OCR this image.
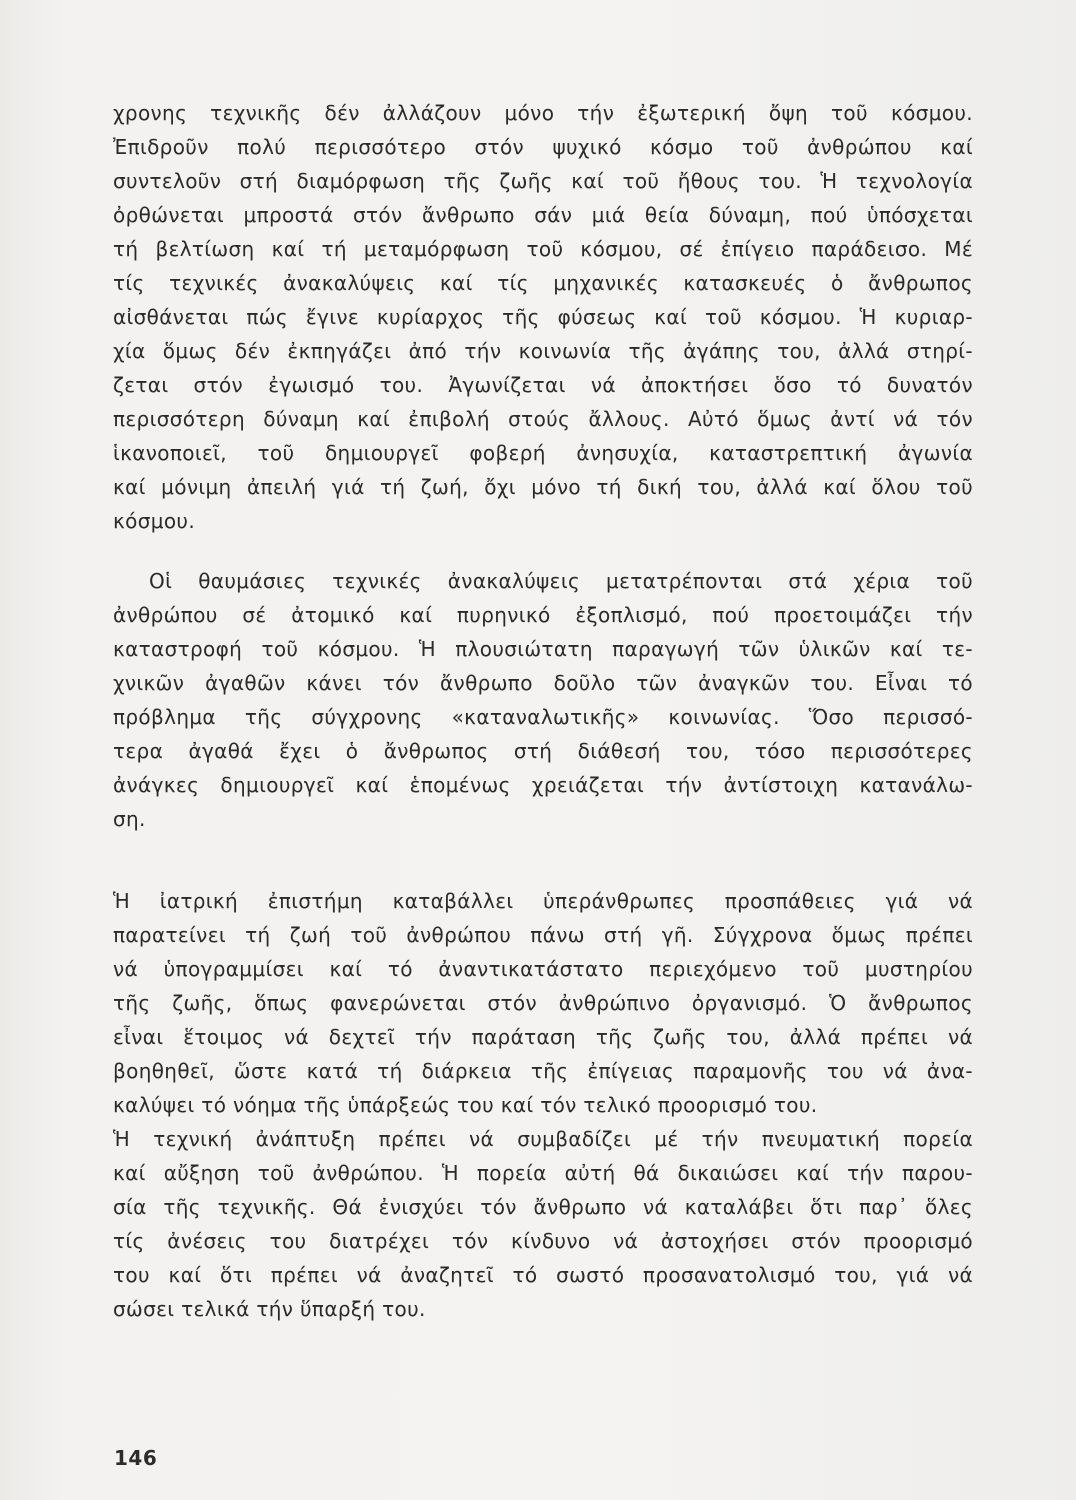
χρονης τεχνικῆς δέν ἀλλάζουν μόνο τήν ἐξωτερική ὄψη τοῦ κόσμου.
Ἐπιδροῦν πολύ περισσότερο στόν ψυχικό κόσμο τοῦ ἀνθρώπου καί
συντελοῦν στή διαμόρφωση τῆς ζωῆς καί τοῦ ἤθους του. Ἡ τεχνολογία
ὀρθώνεται μπροστά στόν ἄνθρωπο σάν μιά θεία δύναμη, πού ὑπόσχεται
τή βελτίωση καί τή μεταμόρφωση τοῦ κόσμου, σέ ἐπίγειο παράδεισο. Μέ
τίς τεχνικές ἀνακαλύψεις καί τίς μηχανικές κατασκευές ὁ ἄνθρωπος
αἰσθάνεται πώς ἔγινε κυρίαρχος τῆς φύσεως καί τοῦ κόσμου. Ἡ κυριαρ-
χία ὅμως δέν ἐκπηγάζει ἀπό τήν κοινωνία τῆς ἀγάπης του, ἀλλά στηρί-
ζεται στόν ἐγωισμό του. Ἀγωνίζεται νά ἀποκτήσει ὅσο τό δυνατόν
περισσότερη δύναμη καί ἐπιβολή στούς ἄλλους. Αὐτό ὅμως ἀντί νά τόν
ἱκανοποιεῖ, τοῦ δημιουργεῖ φοβερή ἀνησυχία, καταστρεπτική ἀγωνία
καί μόνιμη ἀπειλή γιά τή ζωή, ὄχι μόνο τή δική του, ἀλλά καί ὅλου τοῦ
κόσμου.
Οἱ θαυμάσιες τεχνικές ἀνακαλύψεις μετατρέπονται στά χέρια τοῦ
ἀνθρώπου σέ ἀτομικό καί πυρηνικό ἐξοπλισμό, πού προετοιμάζει τήν
καταστροφή τοῦ κόσμου. Ἡ πλουσιώτατη παραγωγή τῶν ὑλικῶν καί τε-
χνικῶν ἀγαθῶν κάνει τόν ἄνθρωπο δοῦλο τῶν ἀναγκῶν του. Εἶναι τό
πρόβλημα τῆς σύγχρονης «καταναλωτικῆς» κοινωνίας. Ὅσο περισσό-
τερα ἀγαθά ἔχει ὁ ἄνθρωπος στή διάθεσή του, τόσο περισσότερες
ἀνάγκες δημιουργεῖ καί ἑπομένως χρειάζεται τήν ἀντίστοιχη κατανάλω-
ση.
Ἡ ἰατρική ἐπιστήμη καταβάλλει ὑπεράνθρωπες προσπάθειες γιά νά
παρατείνει τή ζωή τοῦ ἀνθρώπου πάνω στή γῆ. Σύγχρονα ὅμως πρέπει
νά ὑπογραμμίσει καί τό ἀναντικατάστατο περιεχόμενο τοῦ μυστηρίου
τῆς ζωῆς, ὅπως φανερώνεται στόν ἀνθρώπινο ὀργανισμό. Ὁ ἄνθρωπος
εἶναι ἕτοιμος νά δεχτεῖ τήν παράταση τῆς ζωῆς του, ἀλλά πρέπει νά
βοηθηθεῖ, ὥστε κατά τή διάρκεια τῆς ἐπίγειας παραμονῆς του νά ἀνα-
καλύψει τό νόημα τῆς ὑπάρξεώς του καί τόν τελικό προορισμό του.
Ἡ τεχνική ἀνάπτυξη πρέπει νά συμβαδίζει μέ τήν πνευματική πορεία
καί αὔξηση τοῦ ἀνθρώπου. Ἡ πορεία αὐτή θά δικαιώσει καί τήν παρου-
σία τῆς τεχνικῆς. Θά ἐνισχύει τόν ἄνθρωπο νά καταλάβει ὅτι παρ᾽ ὅλες
τίς ἀνέσεις του διατρέχει τόν κίνδυνο νά ἀστοχήσει στόν προορισμό
του καί ὅτι πρέπει νά ἀναζητεῖ τό σωστό προσανατολισμό του, γιά νά
σώσει τελικά τήν ὕπαρξή του.
146
